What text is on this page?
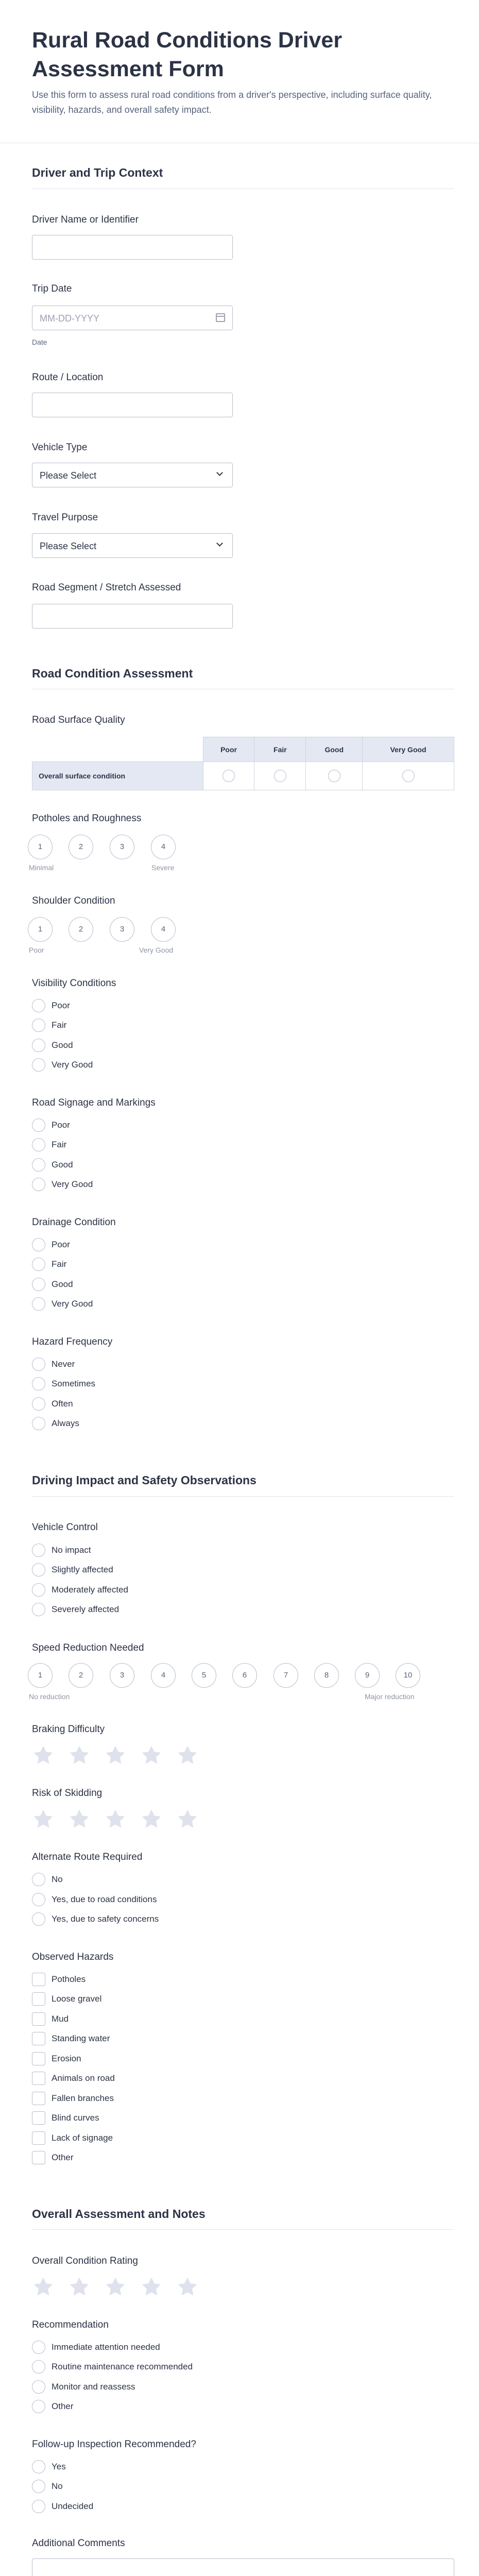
Rural Road Conditions Driver Assessment Form

Use this form to assess rural road conditions from a driver's perspective, including surface quality, visibility, hazards, and overall safety impact.

Driver and Trip Context
Driver Name or Identifier
Trip Date
MM-DD-YYYY
Date
Route / Location
Vehicle Type
Please Select
Travel Purpose
Please Select
Road Segment / Stretch Assessed
Road Condition Assessment
Road Surface Quality
	Poor	Fair	Good	Very Good
Overall surface condition				
Potholes and Roughness
1	2	3	4
Minimal	Severe
Shoulder Condition
1	2	3	4
Poor	Very Good
Visibility Conditions
Poor
Fair
Good
Very Good
Road Signage and Markings
Poor
Fair
Good
Very Good
Drainage Condition
Poor
Fair
Good
Very Good
Hazard Frequency
Never
Sometimes
Often
Always
Driving Impact and Safety Observations
Vehicle Control
No impact
Slightly affected
Moderately affected
Severely affected
Speed Reduction Needed
1	2	3	4	5	6	7	8	9	10
No reduction	Major reduction
Braking Difficulty
Risk of Skidding
Alternate Route Required
No
Yes, due to road conditions
Yes, due to safety concerns
Observed Hazards
Potholes
Loose gravel
Mud
Standing water
Erosion
Animals on road
Fallen branches
Blind curves
Lack of signage
Other
Overall Assessment and Notes
Overall Condition Rating
Recommendation
Immediate attention needed
Routine maintenance recommended
Monitor and reassess
Other
Follow-up Inspection Recommended?
Yes
No
Undecided
Additional Comments
